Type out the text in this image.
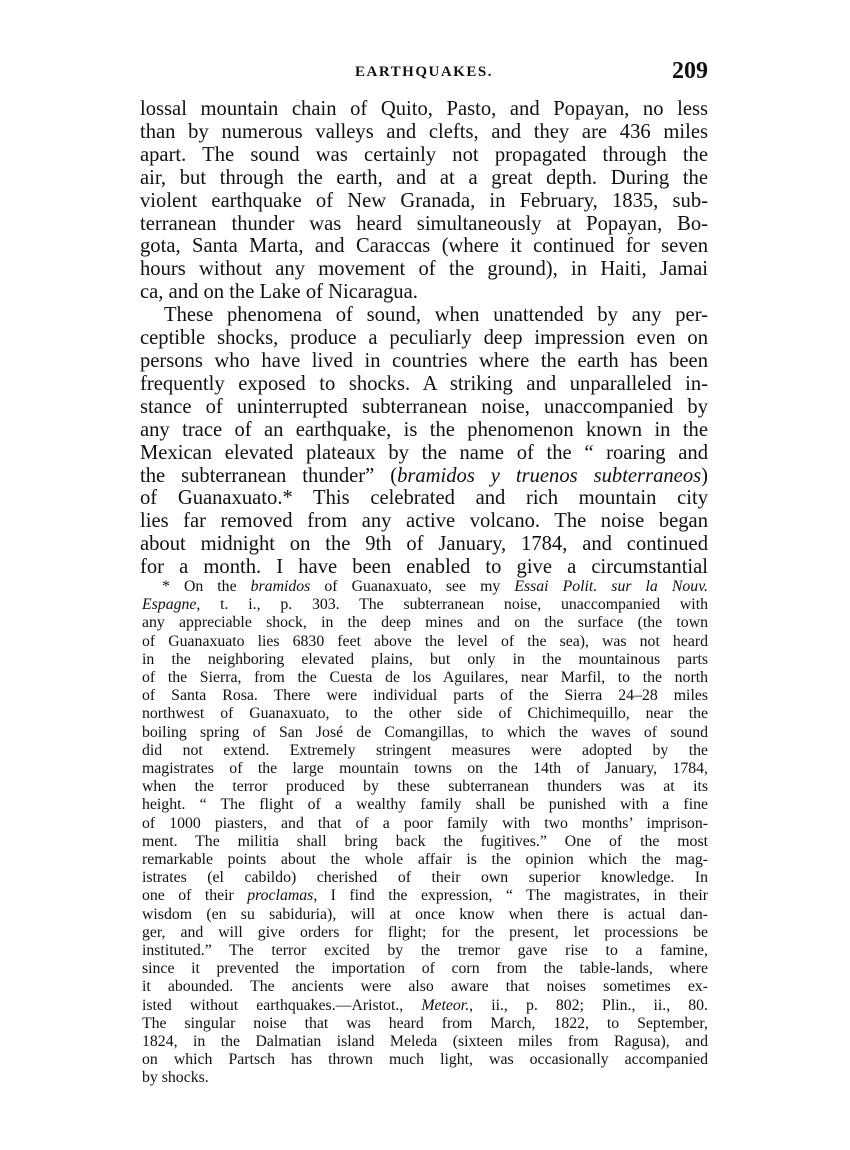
EARTHQUAKES.	209
lossal mountain chain of Quito, Pasto, and Popayan, no less
than by numerous valleys and clefts, and they are 436 miles
apart. The sound was certainly not propagated through the
air, but through the earth, and at a great depth. During the
violent earthquake of New Granada, in February, 1835, sub-
terranean thunder was heard simultaneously at Popayan, Bo-
gota, Santa Marta, and Caraccas (where it continued for seven
hours without any movement of the ground), in Haiti, Jamai
ca, and on the Lake of Nicaragua.
These phenomena of sound, when unattended by any per-
ceptible shocks, produce a peculiarly deep impression even on
persons who have lived in countries where the earth has been
frequently exposed to shocks. A striking and unparalleled in-
stance of uninterrupted subterranean noise, unaccompanied by
any trace of an earthquake, is the phenomenon known in the
Mexican elevated plateaux by the name of the “ roaring and
the subterranean thunder” (bramidos y truenos subterraneos)
of Guanaxuato.* This celebrated and rich mountain city
lies far removed from any active volcano. The noise began
about midnight on the 9th of January, 1784, and continued
for a month. I have been enabled to give a circumstantial
* On the bramidos of Guanaxuato, see my Essai Polit. sur la Nouv.
Espagne, t. i., p. 303. The subterranean noise, unaccompanied with
any appreciable shock, in the deep mines and on the surface (the town
of Guanaxuato lies 6830 feet above the level of the sea), was not heard
in the neighboring elevated plains, but only in the mountainous parts
of the Sierra, from the Cuesta de los Aguilares, near Marfil, to the north
of Santa Rosa. There were individual parts of the Sierra 24–28 miles
northwest of Guanaxuato, to the other side of Chichimequillo, near the
boiling spring of San José de Comangillas, to which the waves of sound
did not extend. Extremely stringent measures were adopted by the
magistrates of the large mountain towns on the 14th of January, 1784,
when the terror produced by these subterranean thunders was at its
height. “ The flight of a wealthy family shall be punished with a fine
of 1000 piasters, and that of a poor family with two months’ imprison-
ment. The militia shall bring back the fugitives.” One of the most
remarkable points about the whole affair is the opinion which the mag-
istrates (el cabildo) cherished of their own superior knowledge. In
one of their proclamas, I find the expression, “ The magistrates, in their
wisdom (en su sabiduria), will at once know when there is actual dan-
ger, and will give orders for flight; for the present, let processions be
instituted.” The terror excited by the tremor gave rise to a famine,
since it prevented the importation of corn from the table-lands, where
it abounded. The ancients were also aware that noises sometimes ex-
isted without earthquakes.—Aristot., Meteor., ii., p. 802; Plin., ii., 80.
The singular noise that was heard from March, 1822, to September,
1824, in the Dalmatian island Meleda (sixteen miles from Ragusa), and
on which Partsch has thrown much light, was occasionally accompanied
by shocks.
